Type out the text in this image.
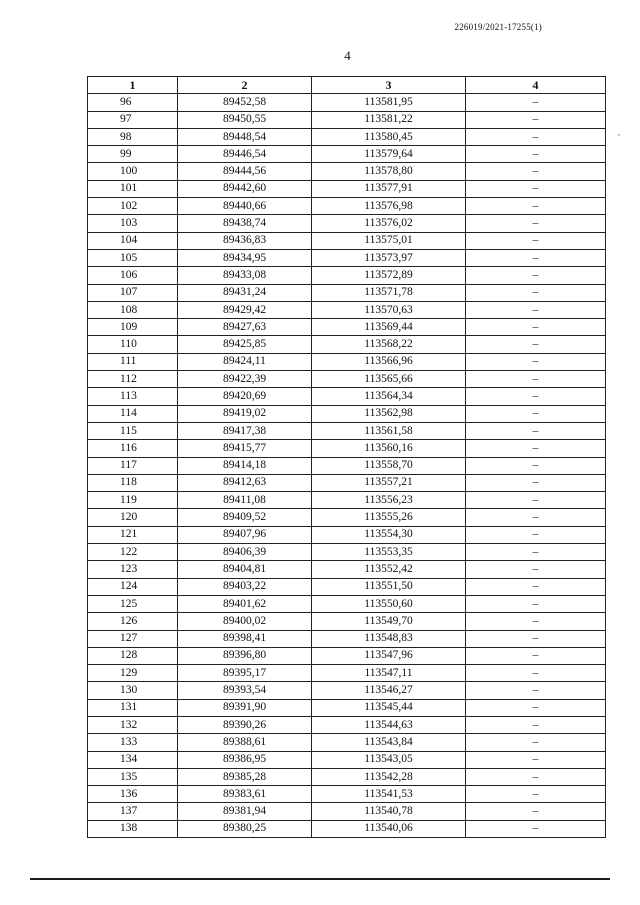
226019/2021-17255(1)
4
,
1	2	3	4
96	89452,58	113581,95	–
97	89450,55	113581,22	–
98	89448,54	113580,45	–
99	89446,54	113579,64	–
100	89444,56	113578,80	–
101	89442,60	113577,91	–
102	89440,66	113576,98	–
103	89438,74	113576,02	–
104	89436,83	113575,01	–
105	89434,95	113573,97	–
106	89433,08	113572,89	–
107	89431,24	113571,78	–
108	89429,42	113570,63	–
109	89427,63	113569,44	–
110	89425,85	113568,22	–
111	89424,11	113566,96	–
112	89422,39	113565,66	–
113	89420,69	113564,34	–
114	89419,02	113562,98	–
115	89417,38	113561,58	–
116	89415,77	113560,16	–
117	89414,18	113558,70	–
118	89412,63	113557,21	–
119	89411,08	113556,23	–
120	89409,52	113555,26	–
121	89407,96	113554,30	–
122	89406,39	113553,35	–
123	89404,81	113552,42	–
124	89403,22	113551,50	–
125	89401,62	113550,60	–
126	89400,02	113549,70	–
127	89398,41	113548,83	–
128	89396,80	113547,96	–
129	89395,17	113547,11	–
130	89393,54	113546,27	–
131	89391,90	113545,44	–
132	89390,26	113544,63	–
133	89388,61	113543,84	–
134	89386,95	113543,05	–
135	89385,28	113542,28	–
136	89383,61	113541,53	–
137	89381,94	113540,78	–
138	89380,25	113540,06	–
